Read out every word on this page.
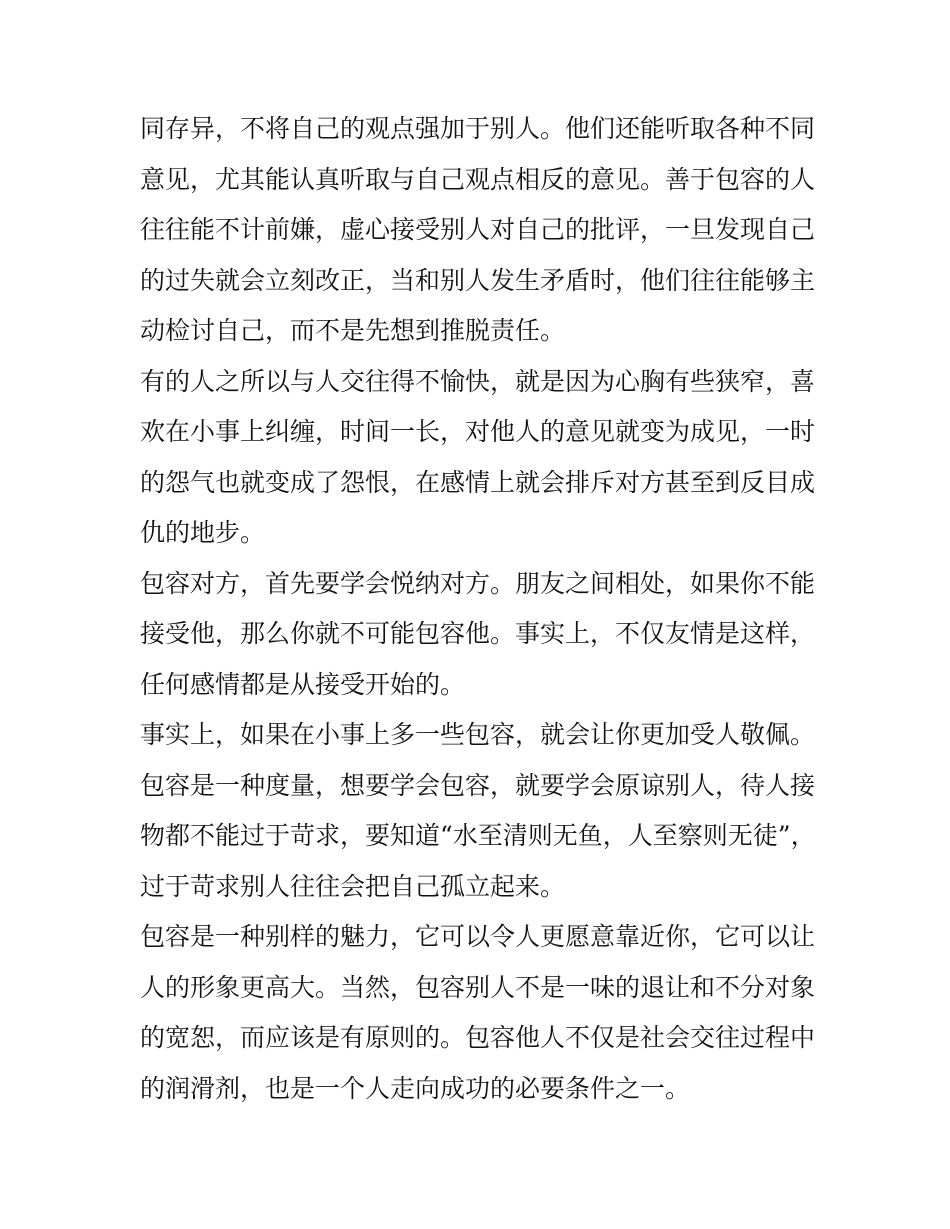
同存异，不将自己的观点强加于别人。他们还能听取各种不同
意见，尤其能认真听取与自己观点相反的意见。善于包容的人
往往能不计前嫌，虚心接受别人对自己的批评，一旦发现自己
的过失就会立刻改正，当和别人发生矛盾时，他们往往能够主
动检讨自己，而不是先想到推脱责任。

有的人之所以与人交往得不愉快，就是因为心胸有些狭窄，喜
欢在小事上纠缠，时间一长，对他人的意见就变为成见，一时
的怨气也就变成了怨恨，在感情上就会排斥对方甚至到反目成
仇的地步。

包容对方，首先要学会悦纳对方。朋友之间相处，如果你不能
接受他，那么你就不可能包容他。事实上，不仅友情是这样，
任何感情都是从接受开始的。

事实上，如果在小事上多一些包容，就会让你更加受人敬佩。

包容是一种度量，想要学会包容，就要学会原谅别人，待人接
物都不能过于苛求，要知道“水至清则无鱼，人至察则无徒”，
过于苛求别人往往会把自己孤立起来。

包容是一种别样的魅力，它可以令人更愿意靠近你，它可以让
人的形象更高大。当然，包容别人不是一味的退让和不分对象
的宽恕，而应该是有原则的。包容他人不仅是社会交往过程中
的润滑剂，也是一个人走向成功的必要条件之一。
